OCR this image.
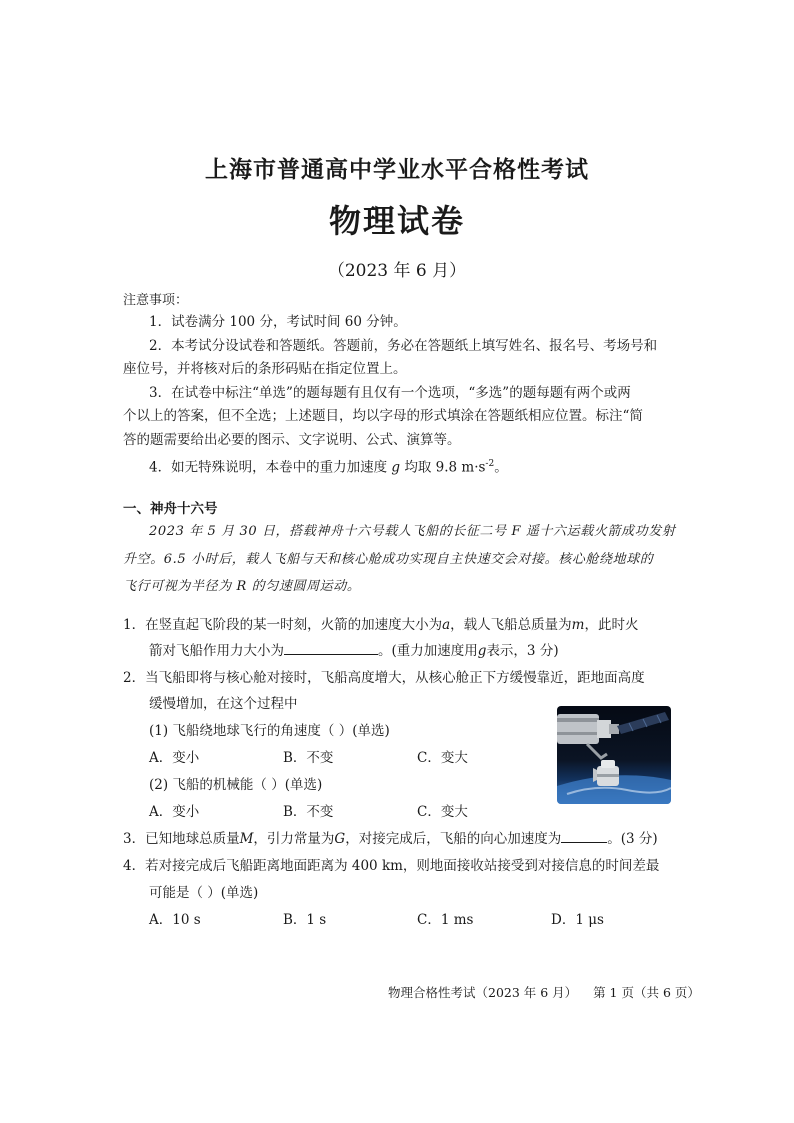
上海市普通高中学业水平合格性考试
物理试卷
（2023 年 6 月）
注意事项：
1．试卷满分 100 分，考试时间 60 分钟。
2．本考试分设试卷和答题纸。答题前，务必在答题纸上填写姓名、报名号、考场号和
座位号，并将核对后的条形码贴在指定位置上。
3．在试卷中标注“单选”的题每题有且仅有一个选项，“多选”的题每题有两个或两
个以上的答案，但不全选；上述题目，均以字母的形式填涂在答题纸相应位置。标注“简
答的题需要给出必要的图示、文字说明、公式、演算等。
4．如无特殊说明，本卷中的重力加速度 g 均取 9.8 $m\cdot s^{-2}$。
一、神舟十六号
2023 年 5 月 30 日，搭载神舟十六号载人飞船的长征二号 F 遥十六运载火箭成功发射
升空。6.5 小时后，载人飞船与天和核心舱成功实现自主快速交会对接。核心舱绕地球的
飞行可视为半径为 R 的匀速圆周运动。
1．在竖直起飞阶段的某一时刻，火箭的加速度大小为a，载人飞船总质量为m，此时火
箭对飞船作用力大小为	。(重力加速度用g表示，3 分)
2．当飞船即将与核心舱对接时，飞船高度增大，从核心舱正下方缓慢靠近，距地面高度
缓慢增加，在这个过程中
(1) 飞船绕地球飞行的角速度（ ）(单选)
A．变小	B．不变	C．变大
(2) 飞船的机械能（ ）(单选)
A．变小	B．不变	C．变大
3．已知地球总质量M，引力常量为G，对接完成后，飞船的向心加速度为	。(3 分)
4．若对接完成后飞船距离地面距离为 400 km，则地面接收站接受到对接信息的时间差最
可能是（ ）(单选)
A．10 s	B．1 s	C．1 ms	D．1 μs
物理合格性考试（2023 年 6 月）    第 1 页（共 6 页）
